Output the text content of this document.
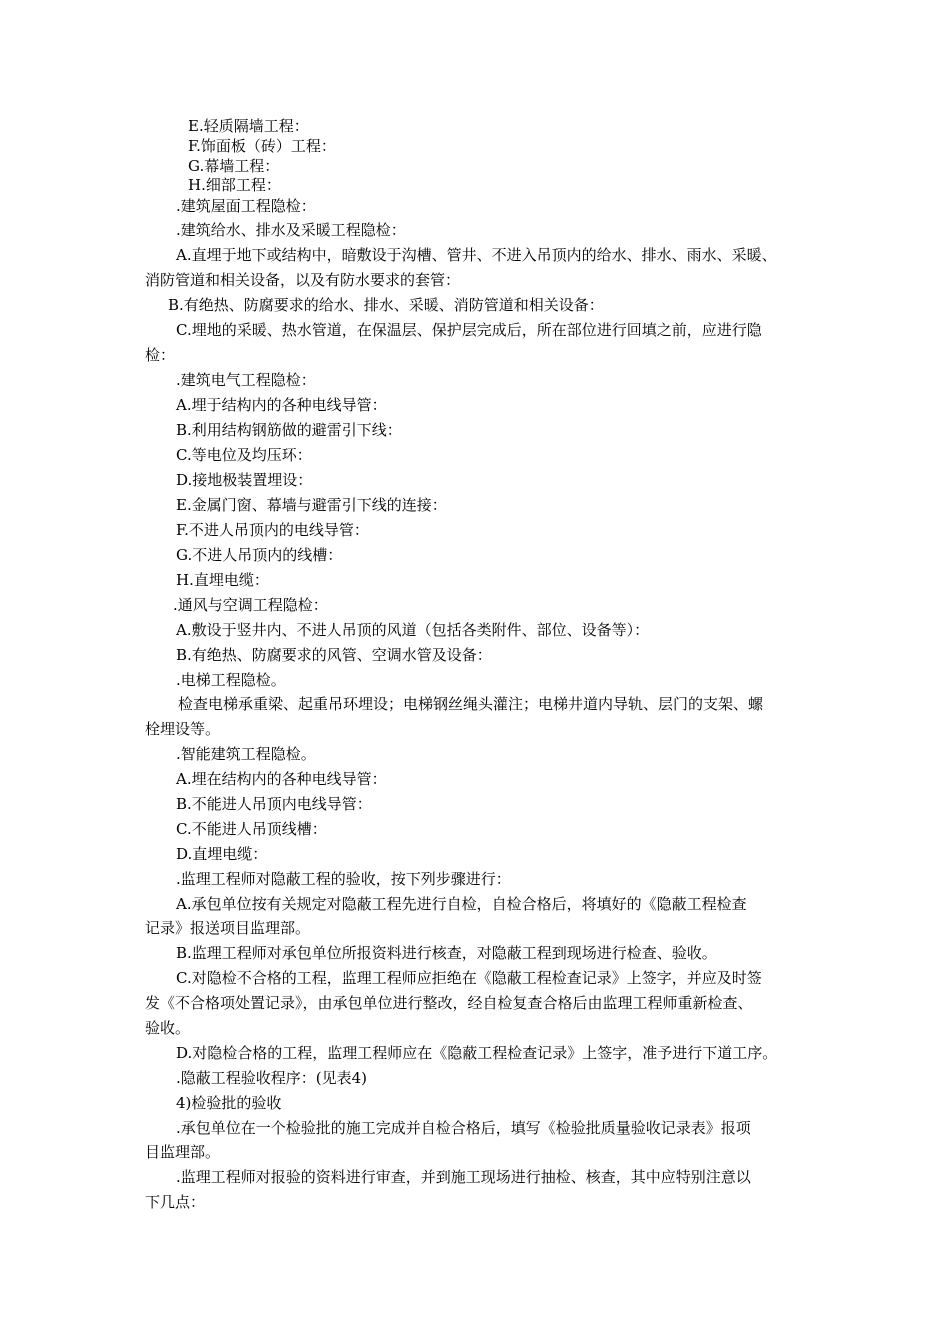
E.轻质隔墙工程：
F.饰面板（砖）工程：
G.幕墙工程：
H.细部工程：
.建筑屋面工程隐检：
.建筑给水、排水及采暖工程隐检：
A.直埋于地下或结构中，暗敷设于沟槽、管井、不进入吊顶内的给水、排水、雨水、采暖、
消防管道和相关设备，以及有防水要求的套管：
B.有绝热、防腐要求的给水、排水、采暖、消防管道和相关设备：
C.埋地的采暖、热水管道，在保温层、保护层完成后，所在部位进行回填之前，应进行隐
检：
.建筑电气工程隐检：
A.埋于结构内的各种电线导管：
B.利用结构钢筋做的避雷引下线：
C.等电位及均压环：
D.接地极装置埋设：
E.金属门窗、幕墙与避雷引下线的连接：
F.不进人吊顶内的电线导管：
G.不进人吊顶内的线槽：
H.直埋电缆：
.通风与空调工程隐检：
A.敷设于竖井内、不进人吊顶的风道（包括各类附件、部位、设备等）：
B.有绝热、防腐要求的风管、空调水管及设备：
.电梯工程隐检。
检查电梯承重梁、起重吊环埋设；电梯钢丝绳头灌注；电梯井道内导轨、层门的支架、螺
栓埋设等。
.智能建筑工程隐检。
A.埋在结构内的各种电线导管：
B.不能进人吊顶内电线导管：
C.不能进人吊顶线槽：
D.直埋电缆：
.监理工程师对隐蔽工程的验收，按下列步骤进行：
A.承包单位按有关规定对隐蔽工程先进行自检，自检合格后，将填好的《隐蔽工程检查
记录》报送项目监理部。
B.监理工程师对承包单位所报资料进行核查，对隐蔽工程到现场进行检查、验收。
C.对隐检不合格的工程，监理工程师应拒绝在《隐蔽工程检查记录》上签字，并应及时签
发《不合格项处置记录》，由承包单位进行整改，经自检复查合格后由监理工程师重新检查、
验收。
D.对隐检合格的工程，监理工程师应在《隐蔽工程检查记录》上签字，准予进行下道工序。
.隐蔽工程验收程序：(见表4)
4)检验批的验收
.承包单位在一个检验批的施工完成并自检合格后，填写《检验批质量验收记录表》报项
目监理部。
.监理工程师对报验的资料进行审查，并到施工现场进行抽检、核查，其中应特别注意以
下几点：
